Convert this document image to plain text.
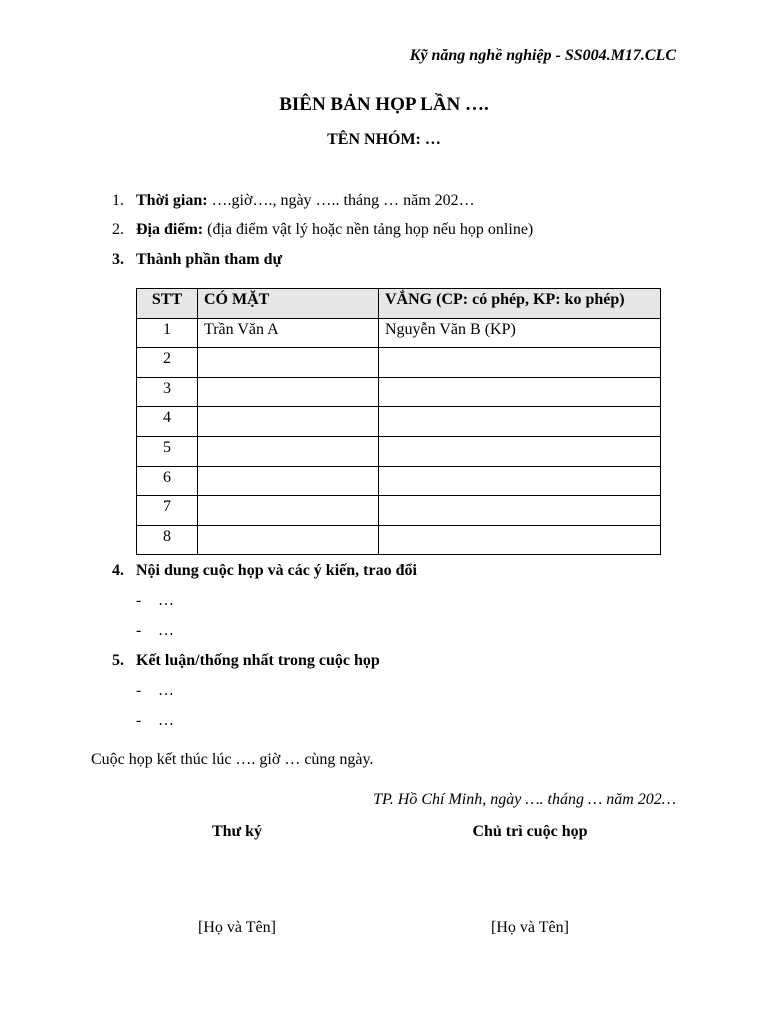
Kỹ năng nghề nghiệp - SS004.M17.CLC
BIÊN BẢN HỌP LẦN ….
TÊN NHÓM: …
1. Thời gian: ….giờ…., ngày ….. tháng … năm 202…
2. Địa điểm: (địa điểm vật lý hoặc nền tảng họp nếu họp online)
3. Thành phần tham dự
STT	CÓ MẶT	VẮNG (CP: có phép, KP: ko phép)
1	Trần Văn A	Nguyễn Văn B (KP)
2		
3		
4		
5		
6		
7		
8		
4. Nội dung cuộc họp và các ý kiến, trao đổi
- …
- …
5. Kết luận/thống nhất trong cuộc họp
- …
- …
Cuộc họp kết thúc lúc …. giờ … cùng ngày.
TP. Hồ Chí Minh, ngày …. tháng … năm 202…
Thư ký	Chủ trì cuộc họp
[Họ và Tên]	[Họ và Tên]
